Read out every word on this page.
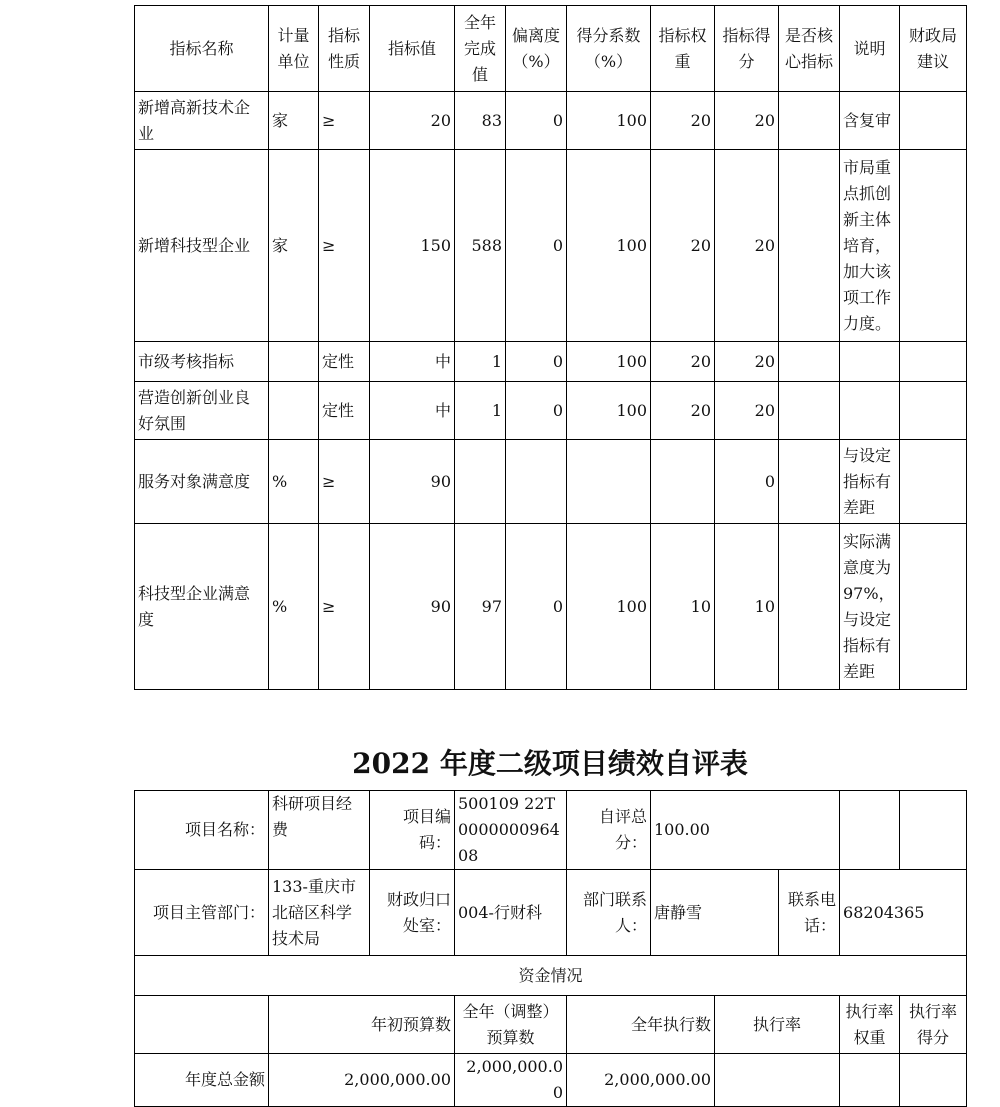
指标名称	计量单位	指标性质	指标值	全年完成值	偏离度（%）	得分系数（%）	指标权重	指标得分	是否核心指标	说明	财政局建议
新增高新技术企业	家	≥	20	83	0	100	20	20		含复审	
新增科技型企业	家	≥	150	588	0	100	20	20		市局重点抓创新主体培育，加大该项工作力度。	
市级考核指标		定性	中	1	0	100	20	20			
营造创新创业良好氛围		定性	中	1	0	100	20	20			
服务对象满意度	%	≥	90					0		与设定指标有差距	
科技型企业满意度	%	≥	90	97	0	100	10	10		实际满意度为97%，与设定指标有差距	
2022 年度二级项目绩效自评表
项目名称：	科研项目经费	项目编码：	500109 22T000000096408	自评总分：	100.00				
项目主管部门：	133-重庆市北碚区科学技术局	财政归口处室：	004-行财科	部门联系人：	唐静雪		联系电话：	68204365	
资金情况									
	年初预算数		全年（调整）预算数	全年执行数		执行率		执行率权重	执行率得分
年度总金额	2,000,000.00		2,000,000.00	2,000,000.00					
